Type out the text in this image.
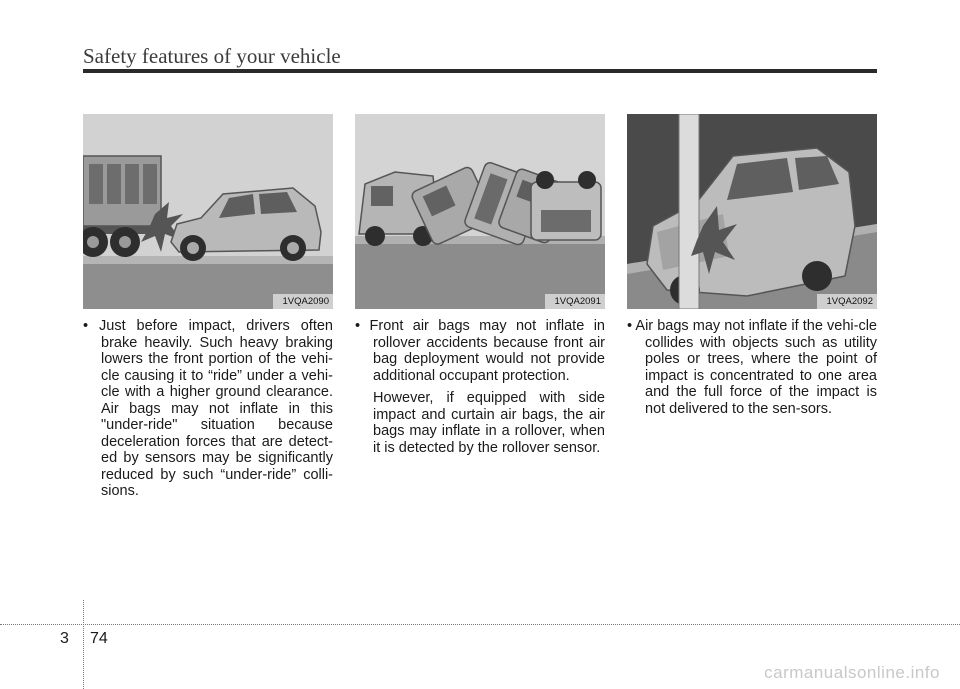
Safety features of your vehicle
1VQA2090	1VQA2091	1VQA2092

• Just before impact, drivers often brake heavily. Such heavy braking lowers the front portion of the vehi-cle causing it to “ride” under a vehi-cle with a higher ground clearance. Air bags may not inflate in this "under-ride" situation because deceleration forces that are detect-ed by sensors may be significantly reduced by such “under-ride” colli-sions.

• Front air bags may not inflate in rollover accidents because front air bag deployment would not provide additional occupant protection.

However, if equipped with side impact and curtain air bags, the air bags may inflate in a rollover, when it is detected by the rollover sensor.

• Air bags may not inflate if the vehi-cle collides with objects such as utility poles or trees, where the point of impact is concentrated to one area and the full force of the impact is not delivered to the sen-sors.

3 74
carmanualsonline.info
